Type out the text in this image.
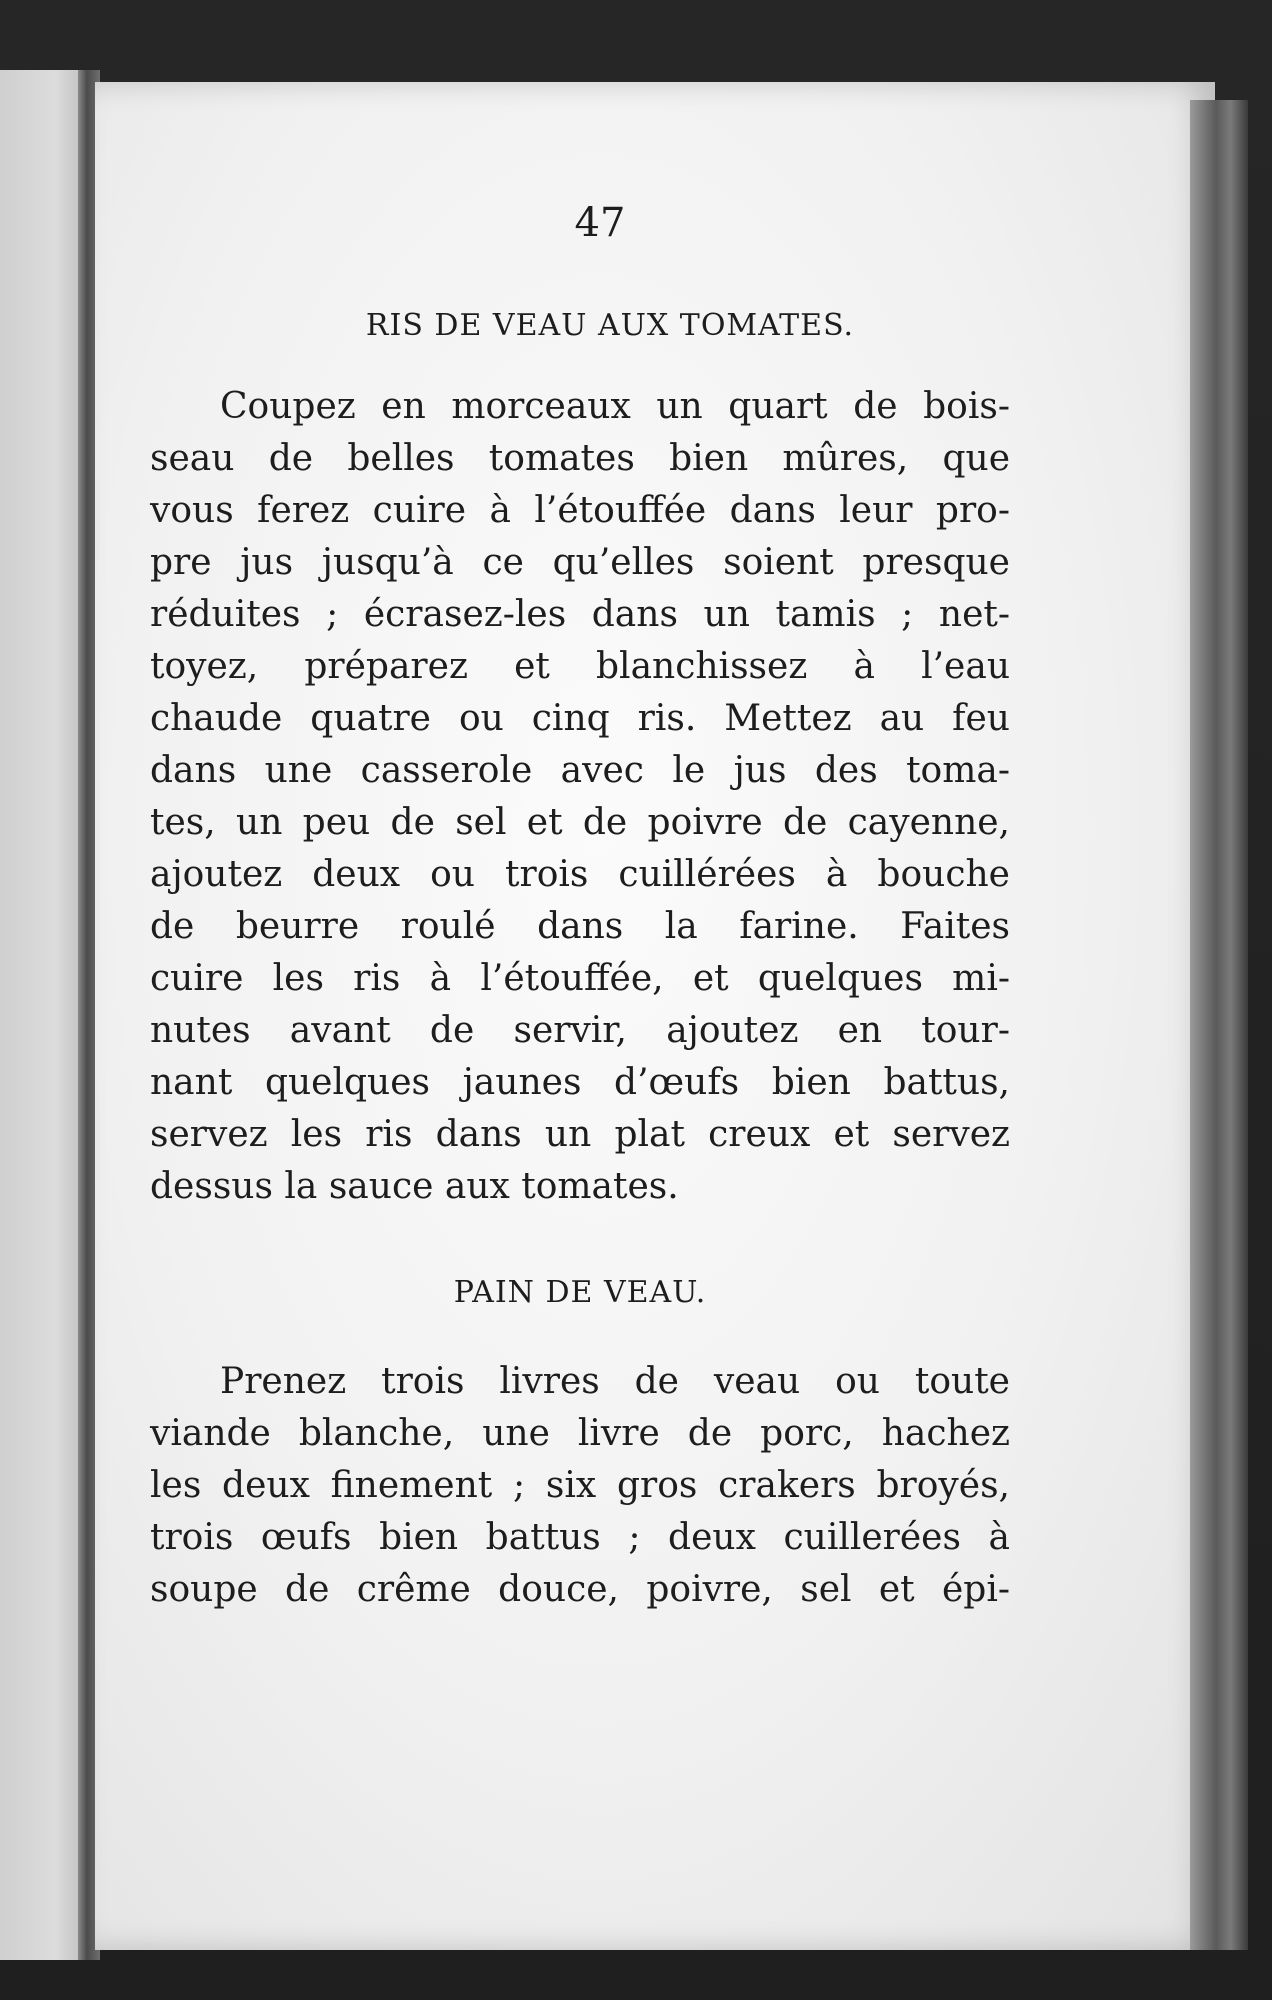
47
RIS DE VEAU AUX TOMATES.
Coupez en morceaux un quart de bois-
seau de belles tomates bien mûres, que
vous ferez cuire à l’étouffée dans leur pro-
pre jus jusqu’à ce qu’elles soient presque
réduites ; écrasez-les dans un tamis ; net-
toyez, préparez et blanchissez à l’eau
chaude quatre ou cinq ris. Mettez au feu
dans une casserole avec le jus des toma-
tes, un peu de sel et de poivre de cayenne,
ajoutez deux ou trois cuillérées à bouche
de beurre roulé dans la farine. Faites
cuire les ris à l’étouffée, et quelques mi-
nutes avant de servir, ajoutez en tour-
nant quelques jaunes d’œufs bien battus,
servez les ris dans un plat creux et servez
dessus la sauce aux tomates.
PAIN DE VEAU.
Prenez trois livres de veau ou toute
viande blanche, une livre de porc, hachez
les deux finement ; six gros crakers broyés,
trois œufs bien battus ; deux cuillerées à
soupe de crême douce, poivre, sel et épi-
